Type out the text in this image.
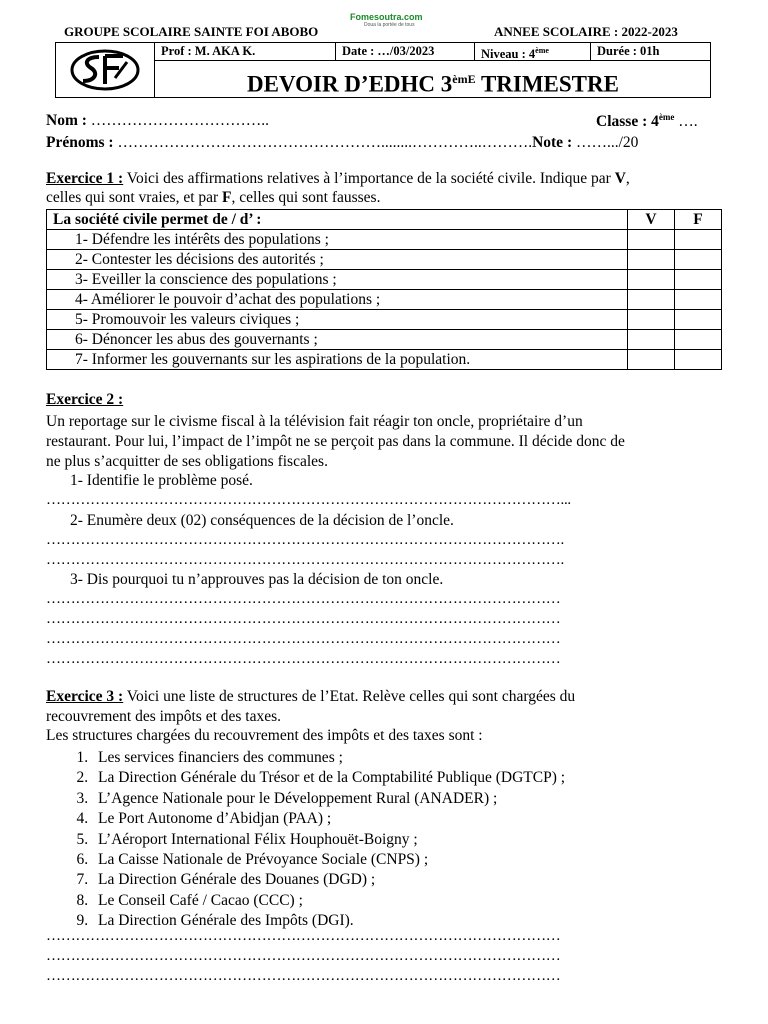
GROUPE SCOLAIRE SAINTE FOI ABOBO
Fomesoutra.com
Doua la portée de tous	ANNEE SCOLAIRE : 2022-2023
Prof : M. AKA K.	Date : …/03/2023	Niveau : 4ème	Durée : 01h
DEVOIR D’EDHC 3èmE TRIMESTRE
Nom : ……………………………..	Classe : 4ème ….
Prénoms : ……………………………………………........…………..……….Note : …….../20
Exercice 1 : Voici des affirmations relatives à l’importance de la société civile. Indique par V,
celles qui sont vraies, et par F, celles qui sont fausses.
La société civile permet de / d’ :	V	F
1- Défendre les intérêts des populations ;		
2- Contester les décisions des autorités ;		
3- Eveiller la conscience des populations ;		
4- Améliorer le pouvoir d’achat des populations ;		
5- Promouvoir les valeurs civiques ;		
6- Dénoncer les abus des gouvernants ;		
7- Informer les gouvernants sur les aspirations de la population.		
Exercice 2 :
Un reportage sur le civisme fiscal à la télévision fait réagir ton oncle, propriétaire d’un
restaurant. Pour lui, l’impact de l’impôt ne se perçoit pas dans la commune. Il décide donc de
ne plus s’acquitter de ses obligations fiscales.
1- Identifie le problème posé.
……………………………………………………………………………………………...
2- Enumère deux (02) conséquences de la décision de l’oncle.
…………………………………………………………………………………………….
…………………………………………………………………………………………….
3- Dis pourquoi tu n’approuves pas la décision de ton oncle.
……………………………………………………………………………………………
……………………………………………………………………………………………
……………………………………………………………………………………………
……………………………………………………………………………………………
Exercice 3 : Voici une liste de structures de l’Etat. Relève celles qui sont chargées du
recouvrement des impôts et des taxes.
Les structures chargées du recouvrement des impôts et des taxes sont :
1. Les services financiers des communes ;
2. La Direction Générale du Trésor et de la Comptabilité Publique (DGTCP) ;
3. L’Agence Nationale pour le Développement Rural (ANADER) ;
4. Le Port Autonome d’Abidjan (PAA) ;
5. L’Aéroport International Félix Houphouët-Boigny ;
6. La Caisse Nationale de Prévoyance Sociale (CNPS) ;
7. La Direction Générale des Douanes (DGD) ;
8. Le Conseil Café / Cacao (CCC) ;
9. La Direction Générale des Impôts (DGI).
……………………………………………………………………………………………
……………………………………………………………………………………………
……………………………………………………………………………………………
